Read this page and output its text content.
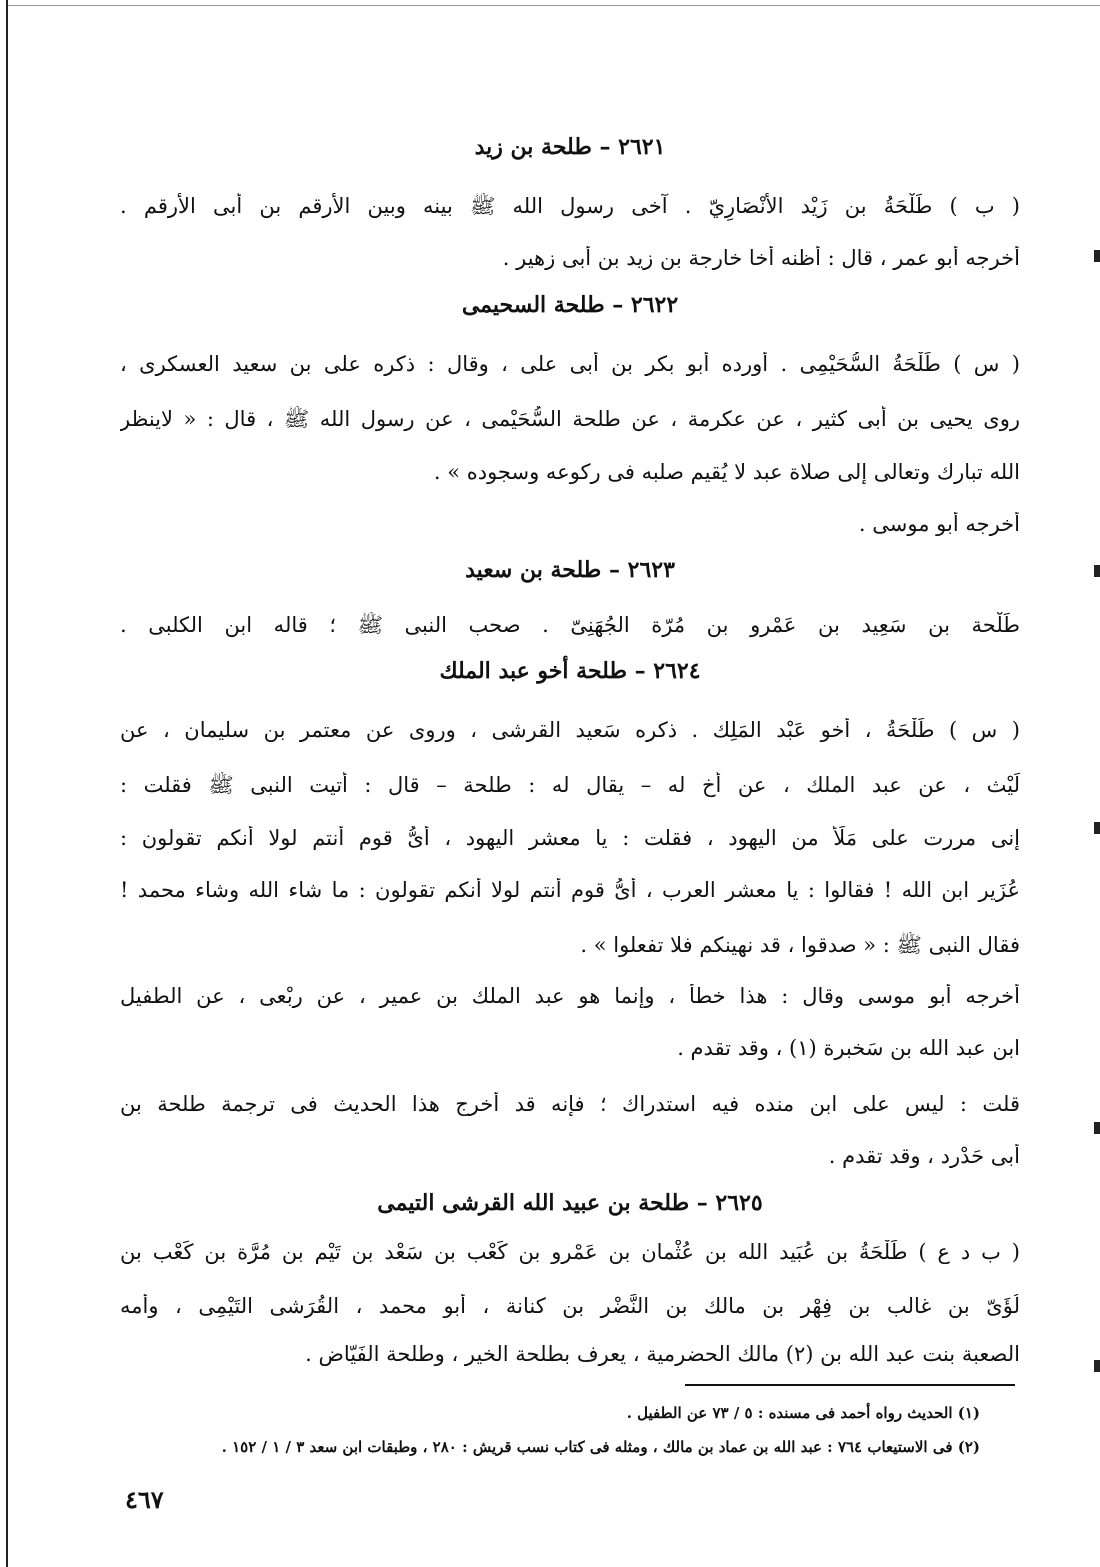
٢٦٢١ – طلحة بن زيد
( ب ) طَلْحَةُ بن زَيْد الأَنْصَارِيّ . آخى رسول الله ﷺ بينه وبين الأرقم بن أبى الأرقم .
أخرجه أبو عمر ، قال : أظنه أخا خارجة بن زيد بن أبى زهير .
٢٦٢٢ – طلحة السحيمى
( س ) طَلْحَةُ السُّحَيْمِى . أورده أبو بكر بن أبى على ، وقال : ذكره على بن سعيد العسكرى ،
روى يحيى بن أبى كثير ، عن عكرمة ، عن طلحة السُّحَيْمى ، عن رسول الله ﷺ ، قال : « لاينظر
الله تبارك وتعالى إلى صلاة عبد لا يُقيم صلبه فى ركوعه وسجوده » .
أخرجه أبو موسى .
٢٦٢٣ – طلحة بن سعيد
طَلْحة بن سَعِيد بن عَمْرو بن مُرّة الجُهَنِىّ . صحب النبى ﷺ ؛ قاله ابن الكلبى .
٢٦٢٤ – طلحة أخو عبد الملك
( س ) طَلْحَةُ ، أخو عَبْد المَلِك . ذكره سَعيد القرشى ، وروى عن معتمر بن سليمان ، عن
لَيْث ، عن عبد الملك ، عن أخ له – يقال له : طلحة – قال : أتيت النبى ﷺ فقلت :
إنى مررت على مَلَأ من اليهود ، فقلت : يا معشر اليهود ، أىُّ قوم أنتم لولا أنكم تقولون :
عُزَير ابن الله ! فقالوا : يا معشر العرب ، أىُّ قوم أنتم لولا أنكم تقولون : ما شاء الله وشاء محمد !
فقال النبى ﷺ : « صدقوا ، قد نهينكم فلا تفعلوا » .
أخرجه أبو موسى وقال : هذا خطأ ، وإنما هو عبد الملك بن عمير ، عن رِبْعى ، عن الطفيل
ابن عبد الله بن سَخبرة (١) ، وقد تقدم .
قلت : ليس على ابن منده فيه استدراك ؛ فإنه قد أخرج هذا الحديث فى ترجمة طلحة بن
أبى حَدْرد ، وقد تقدم .
٢٦٢٥ – طلحة بن عبيد الله القرشى التيمى
( ب د ع ) طَلْحَةُ بن عُبَيد الله بن عُثْمان بن عَمْرو بن كَعْب بن سَعْد بن تَيْم بن مُرَّة بن كَعْب بن
لُؤَىّ بن غالب بن فِهْر بن مالك بن النَّضْر بن كنانة ، أبو محمد ، القُرَشى التَيْمِى ، وأمه
الصعبة بنت عبد الله بن (٢) مالك الحضرمية ، يعرف بطلحة الخير ، وطلحة الفَيّاض .
(١) الحديث رواه أحمد فى مسنده : ٥ / ٧٣ عن الطفيل .
(٢) فى الاستيعاب ٧٦٤ : عبد الله بن عماد بن مالك ، ومثله فى كتاب نسب قريش : ٢٨٠ ، وطبقات ابن سعد ٣ / ١ / ١٥٢ .
٤٦٧
